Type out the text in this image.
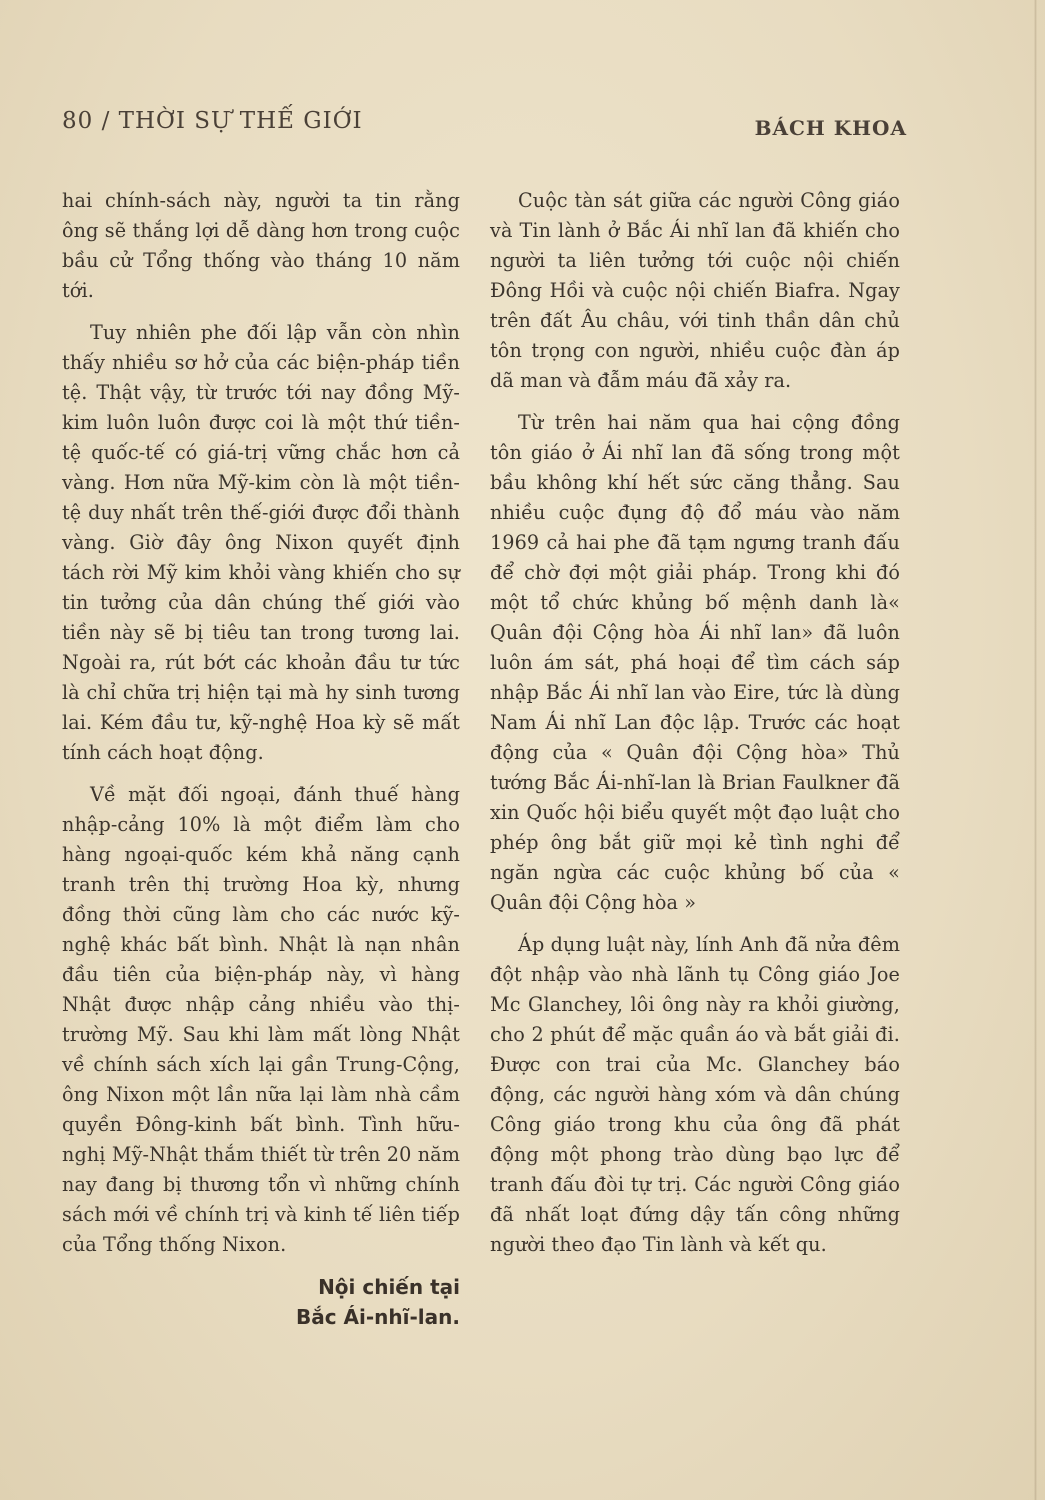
80 / THỜI SỰ THẾ GIỚI	BÁCH KHOA

hai chính-sách này, người ta tin rằng ông sẽ thắng lợi dễ dàng hơn trong cuộc bầu cử Tổng thống vào tháng 10 năm tới.

Tuy nhiên phe đối lập vẫn còn nhìn thấy nhiều sơ hở của các biện-pháp tiền tệ. Thật vậy, từ trước tới nay đồng Mỹ-kim luôn luôn được coi là một thứ tiền-tệ quốc-tế có giá-trị vững chắc hơn cả vàng. Hơn nữa Mỹ-kim còn là một tiền-tệ duy nhất trên thế-giới được đổi thành vàng. Giờ đây ông Nixon quyết định tách rời Mỹ kim khỏi vàng khiến cho sự tin tưởng của dân chúng thế giới vào tiền này sẽ bị tiêu tan trong tương lai. Ngoài ra, rút bớt các khoản đầu tư tức là chỉ chữa trị hiện tại mà hy sinh tương lai. Kém đầu tư, kỹ-nghệ Hoa kỳ sẽ mất tính cách hoạt động.

Về mặt đối ngoại, đánh thuế hàng nhập-cảng 10% là một điểm làm cho hàng ngoại-quốc kém khả năng cạnh tranh trên thị trường Hoa kỳ, nhưng đồng thời cũng làm cho các nước kỹ-nghệ khác bất bình. Nhật là nạn nhân đầu tiên của biện-pháp này, vì hàng Nhật được nhập cảng nhiều vào thị-trường Mỹ. Sau khi làm mất lòng Nhật về chính sách xích lại gần Trung-Cộng, ông Nixon một lần nữa lại làm nhà cầm quyền Đông-kinh bất bình. Tình hữu-nghị Mỹ-Nhật thắm thiết từ trên 20 năm nay đang bị thương tổn vì những chính sách mới về chính trị và kinh tế liên tiếp của Tổng thống Nixon.

Nội chiến tại
Bắc Ái-nhĩ-lan.

Cuộc tàn sát giữa các người Công giáo và Tin lành ở Bắc Ái nhĩ lan đã khiến cho người ta liên tưởng tới cuộc nội chiến Đông Hồi và cuộc nội chiến Biafra. Ngay trên đất Âu châu, với tinh thần dân chủ tôn trọng con người, nhiều cuộc đàn áp dã man và đẫm máu đã xảy ra.

Từ trên hai năm qua hai cộng đồng tôn giáo ở Ái nhĩ lan đã sống trong một bầu không khí hết sức căng thẳng. Sau nhiều cuộc đụng độ đổ máu vào năm 1969 cả hai phe đã tạm ngưng tranh đấu để chờ đợi một giải pháp. Trong khi đó một tổ chức khủng bố mệnh danh là« Quân đội Cộng hòa Ái nhĩ lan» đã luôn luôn ám sát, phá hoại để tìm cách sáp nhập Bắc Ái nhĩ lan vào Eire, tức là dùng Nam Ái nhĩ Lan độc lập. Trước các hoạt động của « Quân đội Cộng hòa» Thủ tướng Bắc Ái-nhĩ-lan là Brian Faulkner đã xin Quốc hội biểu quyết một đạo luật cho phép ông bắt giữ mọi kẻ tình nghi để ngăn ngừa các cuộc khủng bố của « Quân đội Cộng hòa »

Áp dụng luật này, lính Anh đã nửa đêm đột nhập vào nhà lãnh tụ Công giáo Joe Mc Glanchey, lôi ông này ra khỏi giường, cho 2 phút để mặc quần áo và bắt giải đi. Được con trai của Mc. Glanchey báo động, các người hàng xóm và dân chúng Công giáo trong khu của ông đã phát động một phong trào dùng bạo lực để tranh đấu đòi tự trị. Các người Công giáo đã nhất loạt đứng dậy tấn công những người theo đạo Tin lành và kết qu.
